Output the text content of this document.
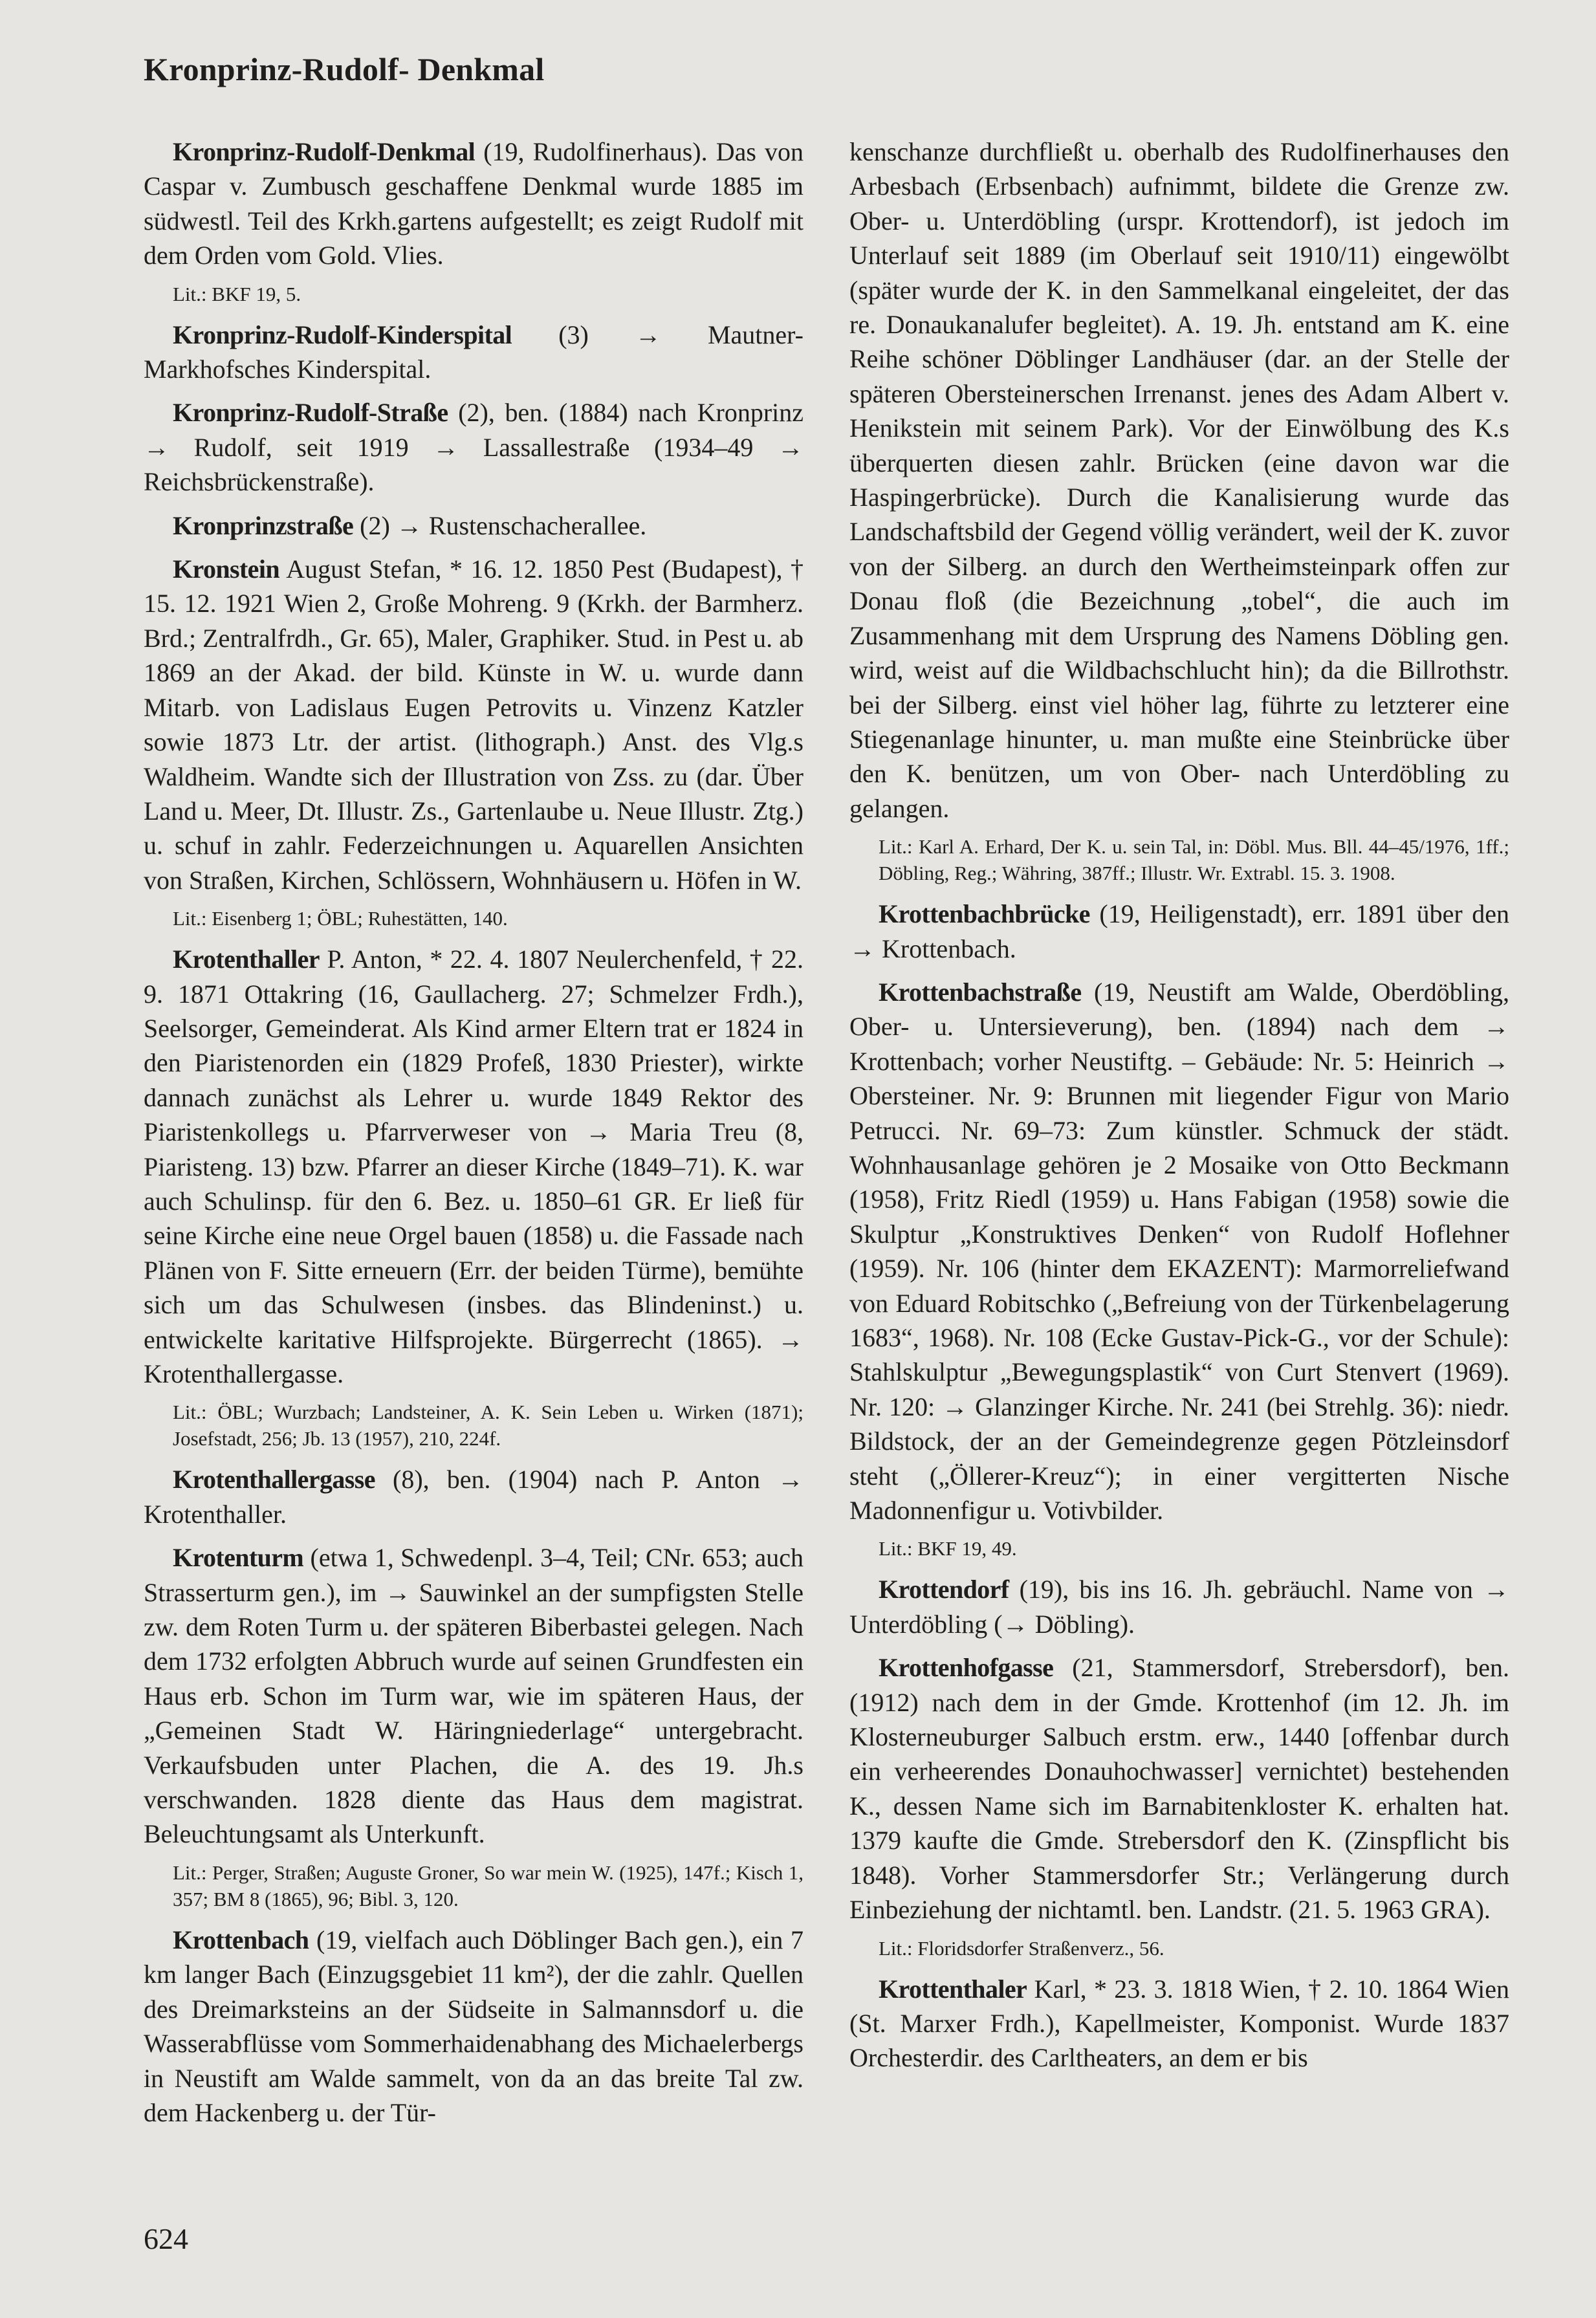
Kronprinz-Rudolf- Denkmal

Kronprinz-Rudolf-Denkmal (19, Rudolfinerhaus). Das von Caspar v. Zumbusch geschaffene Denkmal wurde 1885 im südwestl. Teil des Krkh.gartens aufgestellt; es zeigt Rudolf mit dem Orden vom Gold. Vlies.

Lit.: BKF 19, 5.

Kronprinz-Rudolf-Kinderspital (3) → Mautner-Markhofsches Kinderspital.

Kronprinz-Rudolf-Straße (2), ben. (1884) nach Kronprinz → Rudolf, seit 1919 → Lassallestraße (1934–49 → Reichsbrückenstraße).

Kronprinzstraße (2) → Rustenschacherallee.

Kronstein August Stefan, * 16. 12. 1850 Pest (Budapest), † 15. 12. 1921 Wien 2, Große Mohreng. 9 (Krkh. der Barmherz. Brd.; Zentralfrdh., Gr. 65), Maler, Graphiker. Stud. in Pest u. ab 1869 an der Akad. der bild. Künste in W. u. wurde dann Mitarb. von Ladislaus Eugen Petrovits u. Vinzenz Katzler sowie 1873 Ltr. der artist. (lithograph.) Anst. des Vlg.s Waldheim. Wandte sich der Illustration von Zss. zu (dar. Über Land u. Meer, Dt. Illustr. Zs., Gartenlaube u. Neue Illustr. Ztg.) u. schuf in zahlr. Federzeichnungen u. Aquarellen Ansichten von Straßen, Kirchen, Schlössern, Wohnhäusern u. Höfen in W.

Lit.: Eisenberg 1; ÖBL; Ruhestätten, 140.

Krotenthaller P. Anton, * 22. 4. 1807 Neulerchenfeld, † 22. 9. 1871 Ottakring (16, Gaullacherg. 27; Schmelzer Frdh.), Seelsorger, Gemeinderat. Als Kind armer Eltern trat er 1824 in den Piaristenorden ein (1829 Profeß, 1830 Priester), wirkte dannach zunächst als Lehrer u. wurde 1849 Rektor des Piaristenkollegs u. Pfarrverweser von → Maria Treu (8, Piaristeng. 13) bzw. Pfarrer an dieser Kirche (1849–71). K. war auch Schulinsp. für den 6. Bez. u. 1850–61 GR. Er ließ für seine Kirche eine neue Orgel bauen (1858) u. die Fassade nach Plänen von F. Sitte erneuern (Err. der beiden Türme), bemühte sich um das Schulwesen (insbes. das Blindeninst.) u. entwickelte karitative Hilfsprojekte. Bürgerrecht (1865). → Krotenthallergasse.

Lit.: ÖBL; Wurzbach; Landsteiner, A. K. Sein Leben u. Wirken (1871); Josefstadt, 256; Jb. 13 (1957), 210, 224f.

Krotenthallergasse (8), ben. (1904) nach P. Anton → Krotenthaller.

Krotenturm (etwa 1, Schwedenpl. 3–4, Teil; CNr. 653; auch Strasserturm gen.), im → Sauwinkel an der sumpfigsten Stelle zw. dem Roten Turm u. der späteren Biberbastei gelegen. Nach dem 1732 erfolgten Abbruch wurde auf seinen Grundfesten ein Haus erb. Schon im Turm war, wie im späteren Haus, der „Gemeinen Stadt W. Häringniederlage“ untergebracht. Verkaufsbuden unter Plachen, die A. des 19. Jh.s verschwanden. 1828 diente das Haus dem magistrat. Beleuchtungsamt als Unterkunft.

Lit.: Perger, Straßen; Auguste Groner, So war mein W. (1925), 147f.; Kisch 1, 357; BM 8 (1865), 96; Bibl. 3, 120.

Krottenbach (19, vielfach auch Döblinger Bach gen.), ein 7 km langer Bach (Einzugsgebiet 11 km²), der die zahlr. Quellen des Dreimarksteins an der Südseite in Salmannsdorf u. die Wasserabflüsse vom Sommerhaidenabhang des Michaelerbergs in Neustift am Walde sammelt, von da an das breite Tal zw. dem Hackenberg u. der Tür-

kenschanze durchfließt u. oberhalb des Rudolfinerhauses den Arbesbach (Erbsenbach) aufnimmt, bildete die Grenze zw. Ober- u. Unterdöbling (urspr. Krottendorf), ist jedoch im Unterlauf seit 1889 (im Oberlauf seit 1910/11) eingewölbt (später wurde der K. in den Sammelkanal eingeleitet, der das re. Donaukanalufer begleitet). A. 19. Jh. entstand am K. eine Reihe schöner Döblinger Landhäuser (dar. an der Stelle der späteren Obersteinerschen Irrenanst. jenes des Adam Albert v. Henikstein mit seinem Park). Vor der Einwölbung des K.s überquerten diesen zahlr. Brücken (eine davon war die Haspingerbrücke). Durch die Kanalisierung wurde das Landschaftsbild der Gegend völlig verändert, weil der K. zuvor von der Silberg. an durch den Wertheimsteinpark offen zur Donau floß (die Bezeichnung „tobel“, die auch im Zusammenhang mit dem Ursprung des Namens Döbling gen. wird, weist auf die Wildbachschlucht hin); da die Billrothstr. bei der Silberg. einst viel höher lag, führte zu letzterer eine Stiegenanlage hinunter, u. man mußte eine Steinbrücke über den K. benützen, um von Ober- nach Unterdöbling zu gelangen.

Lit.: Karl A. Erhard, Der K. u. sein Tal, in: Döbl. Mus. Bll. 44–45/1976, 1ff.; Döbling, Reg.; Währing, 387ff.; Illustr. Wr. Extrabl. 15. 3. 1908.

Krottenbachbrücke (19, Heiligenstadt), err. 1891 über den → Krottenbach.

Krottenbachstraße (19, Neustift am Walde, Oberdöbling, Ober- u. Untersieverung), ben. (1894) nach dem → Krottenbach; vorher Neustiftg. – Gebäude: Nr. 5: Heinrich → Obersteiner. Nr. 9: Brunnen mit liegender Figur von Mario Petrucci. Nr. 69–73: Zum künstler. Schmuck der städt. Wohnhausanlage gehören je 2 Mosaike von Otto Beckmann (1958), Fritz Riedl (1959) u. Hans Fabigan (1958) sowie die Skulptur „Konstruktives Denken“ von Rudolf Hoflehner (1959). Nr. 106 (hinter dem EKAZENT): Marmorreliefwand von Eduard Robitschko („Befreiung von der Türkenbelagerung 1683“, 1968). Nr. 108 (Ecke Gustav-Pick-G., vor der Schule): Stahlskulptur „Bewegungsplastik“ von Curt Stenvert (1969). Nr. 120: → Glanzinger Kirche. Nr. 241 (bei Strehlg. 36): niedr. Bildstock, der an der Gemeindegrenze gegen Pötzleinsdorf steht („Öllerer-Kreuz“); in einer vergitterten Nische Madonnenfigur u. Votivbilder.

Lit.: BKF 19, 49.

Krottendorf (19), bis ins 16. Jh. gebräuchl. Name von → Unterdöbling (→ Döbling).

Krottenhofgasse (21, Stammersdorf, Strebersdorf), ben. (1912) nach dem in der Gmde. Krottenhof (im 12. Jh. im Klosterneuburger Salbuch erstm. erw., 1440 [offenbar durch ein verheerendes Donauhochwasser] vernichtet) bestehenden K., dessen Name sich im Barnabitenkloster K. erhalten hat. 1379 kaufte die Gmde. Strebersdorf den K. (Zinspflicht bis 1848). Vorher Stammersdorfer Str.; Verlängerung durch Einbeziehung der nichtamtl. ben. Landstr. (21. 5. 1963 GRA).

Lit.: Floridsdorfer Straßenverz., 56.

Krottenthaler Karl, * 23. 3. 1818 Wien, † 2. 10. 1864 Wien (St. Marxer Frdh.), Kapellmeister, Komponist. Wurde 1837 Orchesterdir. des Carltheaters, an dem er bis

624
